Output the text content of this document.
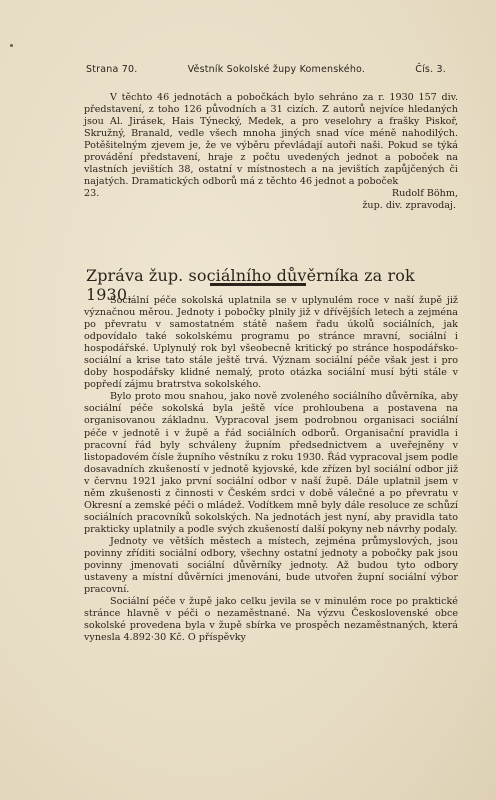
Strana 70.	Věstník Sokolské župy Komenského.	Čís. 3.

V těchto 46 jednotách a pobočkách bylo sehráno za r. 1930 157 div. představení, z toho 126 původních a 31 cizích. Z autorů nejvíce hledaných jsou Al. Jirásek, Hais Týnecký, Medek, a pro veselohry a frašky Piskoř, Skružný, Branald, vedle všech mnoha jiných snad více méně nahodilých. Potěšitelným zjevem je, že ve výběru převládají autoři naši. Pokud se týká provádění představení, hraje z počtu uvedených jednot a poboček na vlastních jevištích 38, ostatní v místnostech a na jevištích zapůjčených či najatých. Dramatických odborů má z těchto 46 jednot a poboček

23.	Rudolf Böhm,
žup. div. zpravodaj.
Zpráva žup. sociálního důvěrníka za rok 1930.

Sociální péče sokolská uplatnila se v uplynulém roce v naší župě již význačnou měrou. Jednoty i pobočky plnily již v dřívějších letech a zejména po převratu v samostatném státě našem řadu úkolů sociálních, jak odpovídalo také sokolskému programu po stránce mravní, sociální i hospodářské. Uplynulý rok byl všeobecně kritický po stránce hospodářsko-sociální a krise tato stále ještě trvá. Význam sociální péče však jest i pro doby hospodářsky klidné nemalý, proto otázka sociální musí býti stále v popředí zájmu bratrstva sokolského.

Bylo proto mou snahou, jako nově zvoleného sociálního důvěrníka, aby sociální péče sokolská byla ještě více prohloubena a postavena na organisovanou základnu. Vypracoval jsem podrobnou organisaci sociální péče v jednotě i v župě a řád sociálních odborů. Organisační pravidla i pracovní řád byly schváleny župním předsednictvem a uveřejněny v listopadovém čísle župního věstníku z roku 1930. Řád vypracoval jsem podle dosavadních zkušeností v jednotě kyjovské, kde zřízen byl sociální odbor již v červnu 1921 jako první sociální odbor v naší župě. Dále uplatnil jsem v něm zkušenosti z činnosti v Českém srdci v době válečné a po převratu v Okresní a zemské péči o mládež. Vodítkem mně byly dále resoluce ze schůzí sociálních pracovníků sokolských. Na jednotách jest nyní, aby pravidla tato prakticky uplatnily a podle svých zkušeností další pokyny neb návrhy podaly.

Jednoty ve větších městech a místech, zejména průmyslových, jsou povinny zříditi sociální odbory, všechny ostatní jednoty a pobočky pak jsou povinny jmenovati sociální důvěrníky jednoty. Až budou tyto odbory ustaveny a místní důvěrníci jmenováni, bude utvořen župní sociální výbor pracovní.

Sociální péče v župě jako celku jevila se v minulém roce po praktické stránce hlavně v péči o nezaměstnané. Na výzvu Československé obce sokolské provedena byla v župě sbírka ve prospěch nezaměstnaných, která vynesla 4.892·30 Kč. O příspěvky
